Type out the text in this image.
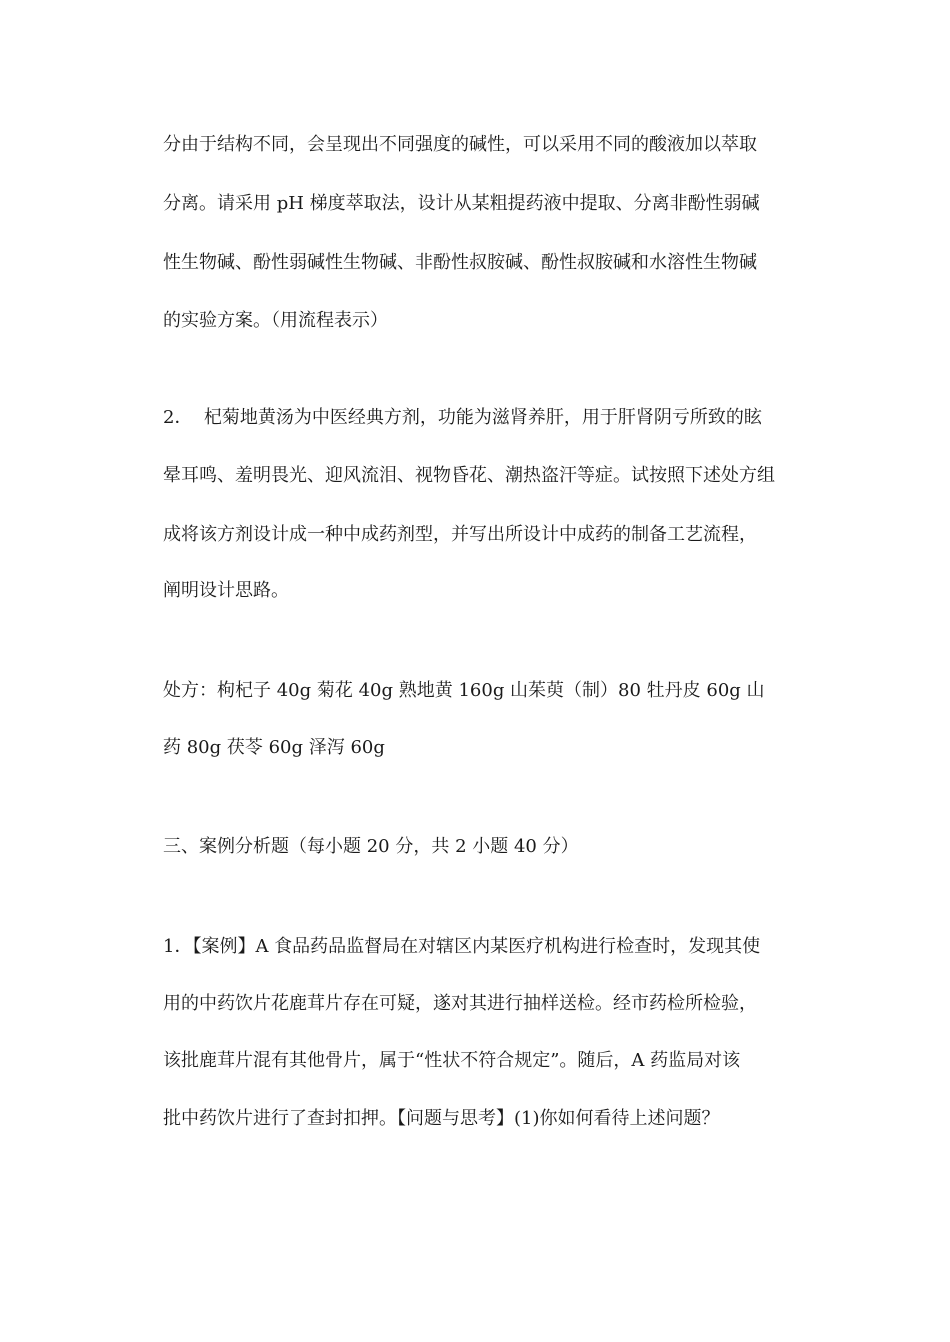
分由于结构不同，会呈现出不同强度的碱性，可以采用不同的酸液加以萃取
分离。请采用 pH 梯度萃取法，设计从某粗提药液中提取、分离非酚性弱碱
性生物碱、酚性弱碱性生物碱、非酚性叔胺碱、酚性叔胺碱和水溶性生物碱
的实验方案。（用流程表示）
2．  杞菊地黄汤为中医经典方剂，功能为滋肾养肝，用于肝肾阴亏所致的眩
晕耳鸣、羞明畏光、迎风流泪、视物昏花、潮热盗汗等症。试按照下述处方组
成将该方剂设计成一种中成药剂型，并写出所设计中成药的制备工艺流程，
阐明设计思路。
处方：枸杞子 40g 菊花 40g 熟地黄 160g 山茱萸（制）80 牡丹皮 60g 山
药 80g 茯苓 60g 泽泻 60g
三、案例分析题（每小题 20 分，共 2 小题 40 分）
1．【案例】A 食品药品监督局在对辖区内某医疗机构进行检查时，发现其使
用的中药饮片花鹿茸片存在可疑，遂对其进行抽样送检。经市药检所检验，
该批鹿茸片混有其他骨片，属于“性状不符合规定”。随后，A 药监局对该
批中药饮片进行了查封扣押。【问题与思考】(1)你如何看待上述问题？
